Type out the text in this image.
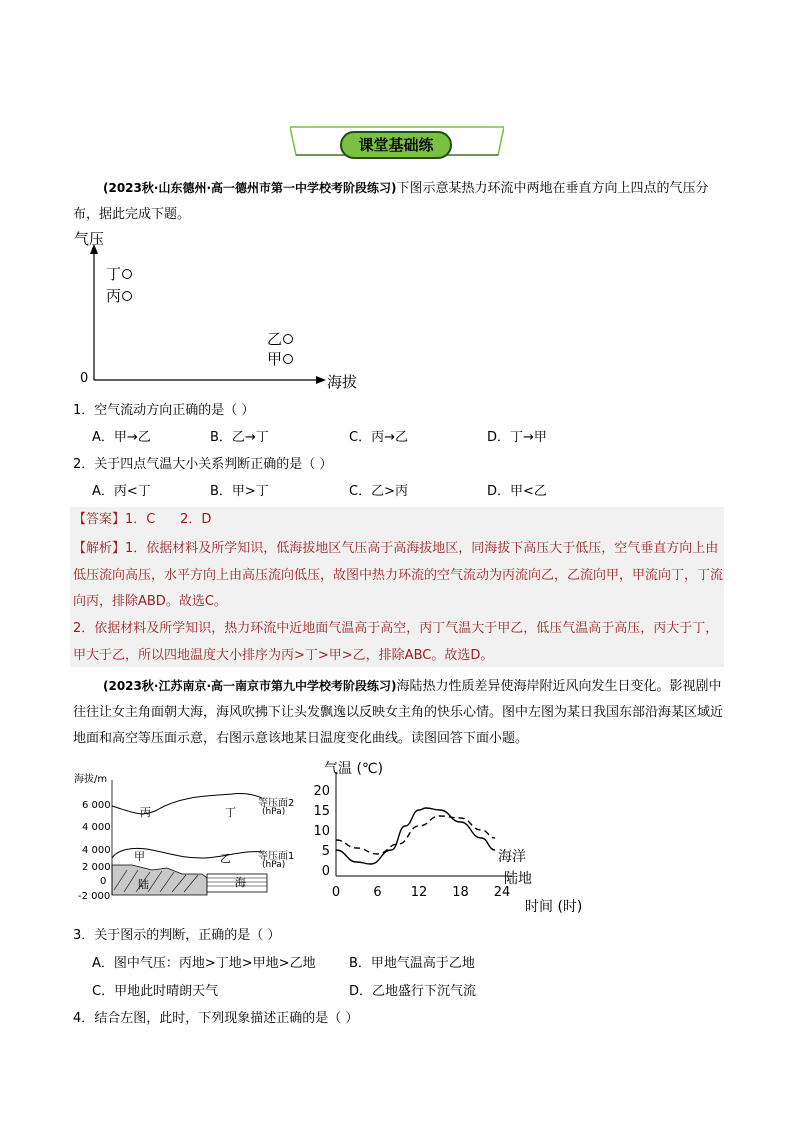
课堂基础练
(2023秋·山东德州·高一德州市第一中学校考阶段练习)下图示意某热力环流中两地在垂直方向上四点的气压分布，据此完成下题。
气压
海拔
0
丁
丙
乙
甲
1．空气流动方向正确的是（ ）
A．甲→乙	B．乙→丁	C．丙→乙	D．丁→甲
2．关于四点气温大小关系判断正确的是（ ）
A．丙<丁	B．甲>丁	C．乙>丙	D．甲<乙
【答案】1．C      2．D
【解析】1．依据材料及所学知识，低海拔地区气压高于高海拔地区，同海拔下高压大于低压，空气垂直方向上由低压流向高压，水平方向上由高压流向低压，故图中热力环流的空气流动为丙流向乙，乙流向甲，甲流向丁，丁流向丙，排除ABD。故选C。
2．依据材料及所学知识，热力环流中近地面气温高于高空，丙丁气温大于甲乙，低压气温高于高压，丙大于丁，甲大于乙，所以四地温度大小排序为丙>丁>甲>乙，排除ABC。故选D。
(2023秋·江苏南京·高一南京市第九中学校考阶段练习)海陆热力性质差异使海岸附近风向发生日变化。影视剧中往往让女主角面朝大海，海风吹拂下让头发飘逸以反映女主角的快乐心情。图中左图为某日我国东部沿海某区域近地面和高空等压面示意，右图示意该地某日温度变化曲线。读图回答下面小题。
海拔/m
6 000
4 000
4 000
2 000
0
-2 000
丙	丁
甲	乙
陆	海
等压面2
(hPa)
等压面1
(hPa)	0
5
10
15
20
0	6 12 18 24
气温 (℃)
时间 (时)
海洋
陆地
3．关于图示的判断，正确的是（ ）
A．图中气压：丙地>丁地>甲地>乙地	B．甲地气温高于乙地
C．甲地此时晴朗天气	D．乙地盛行下沉气流
4．结合左图，此时，下列现象描述正确的是（ ）
